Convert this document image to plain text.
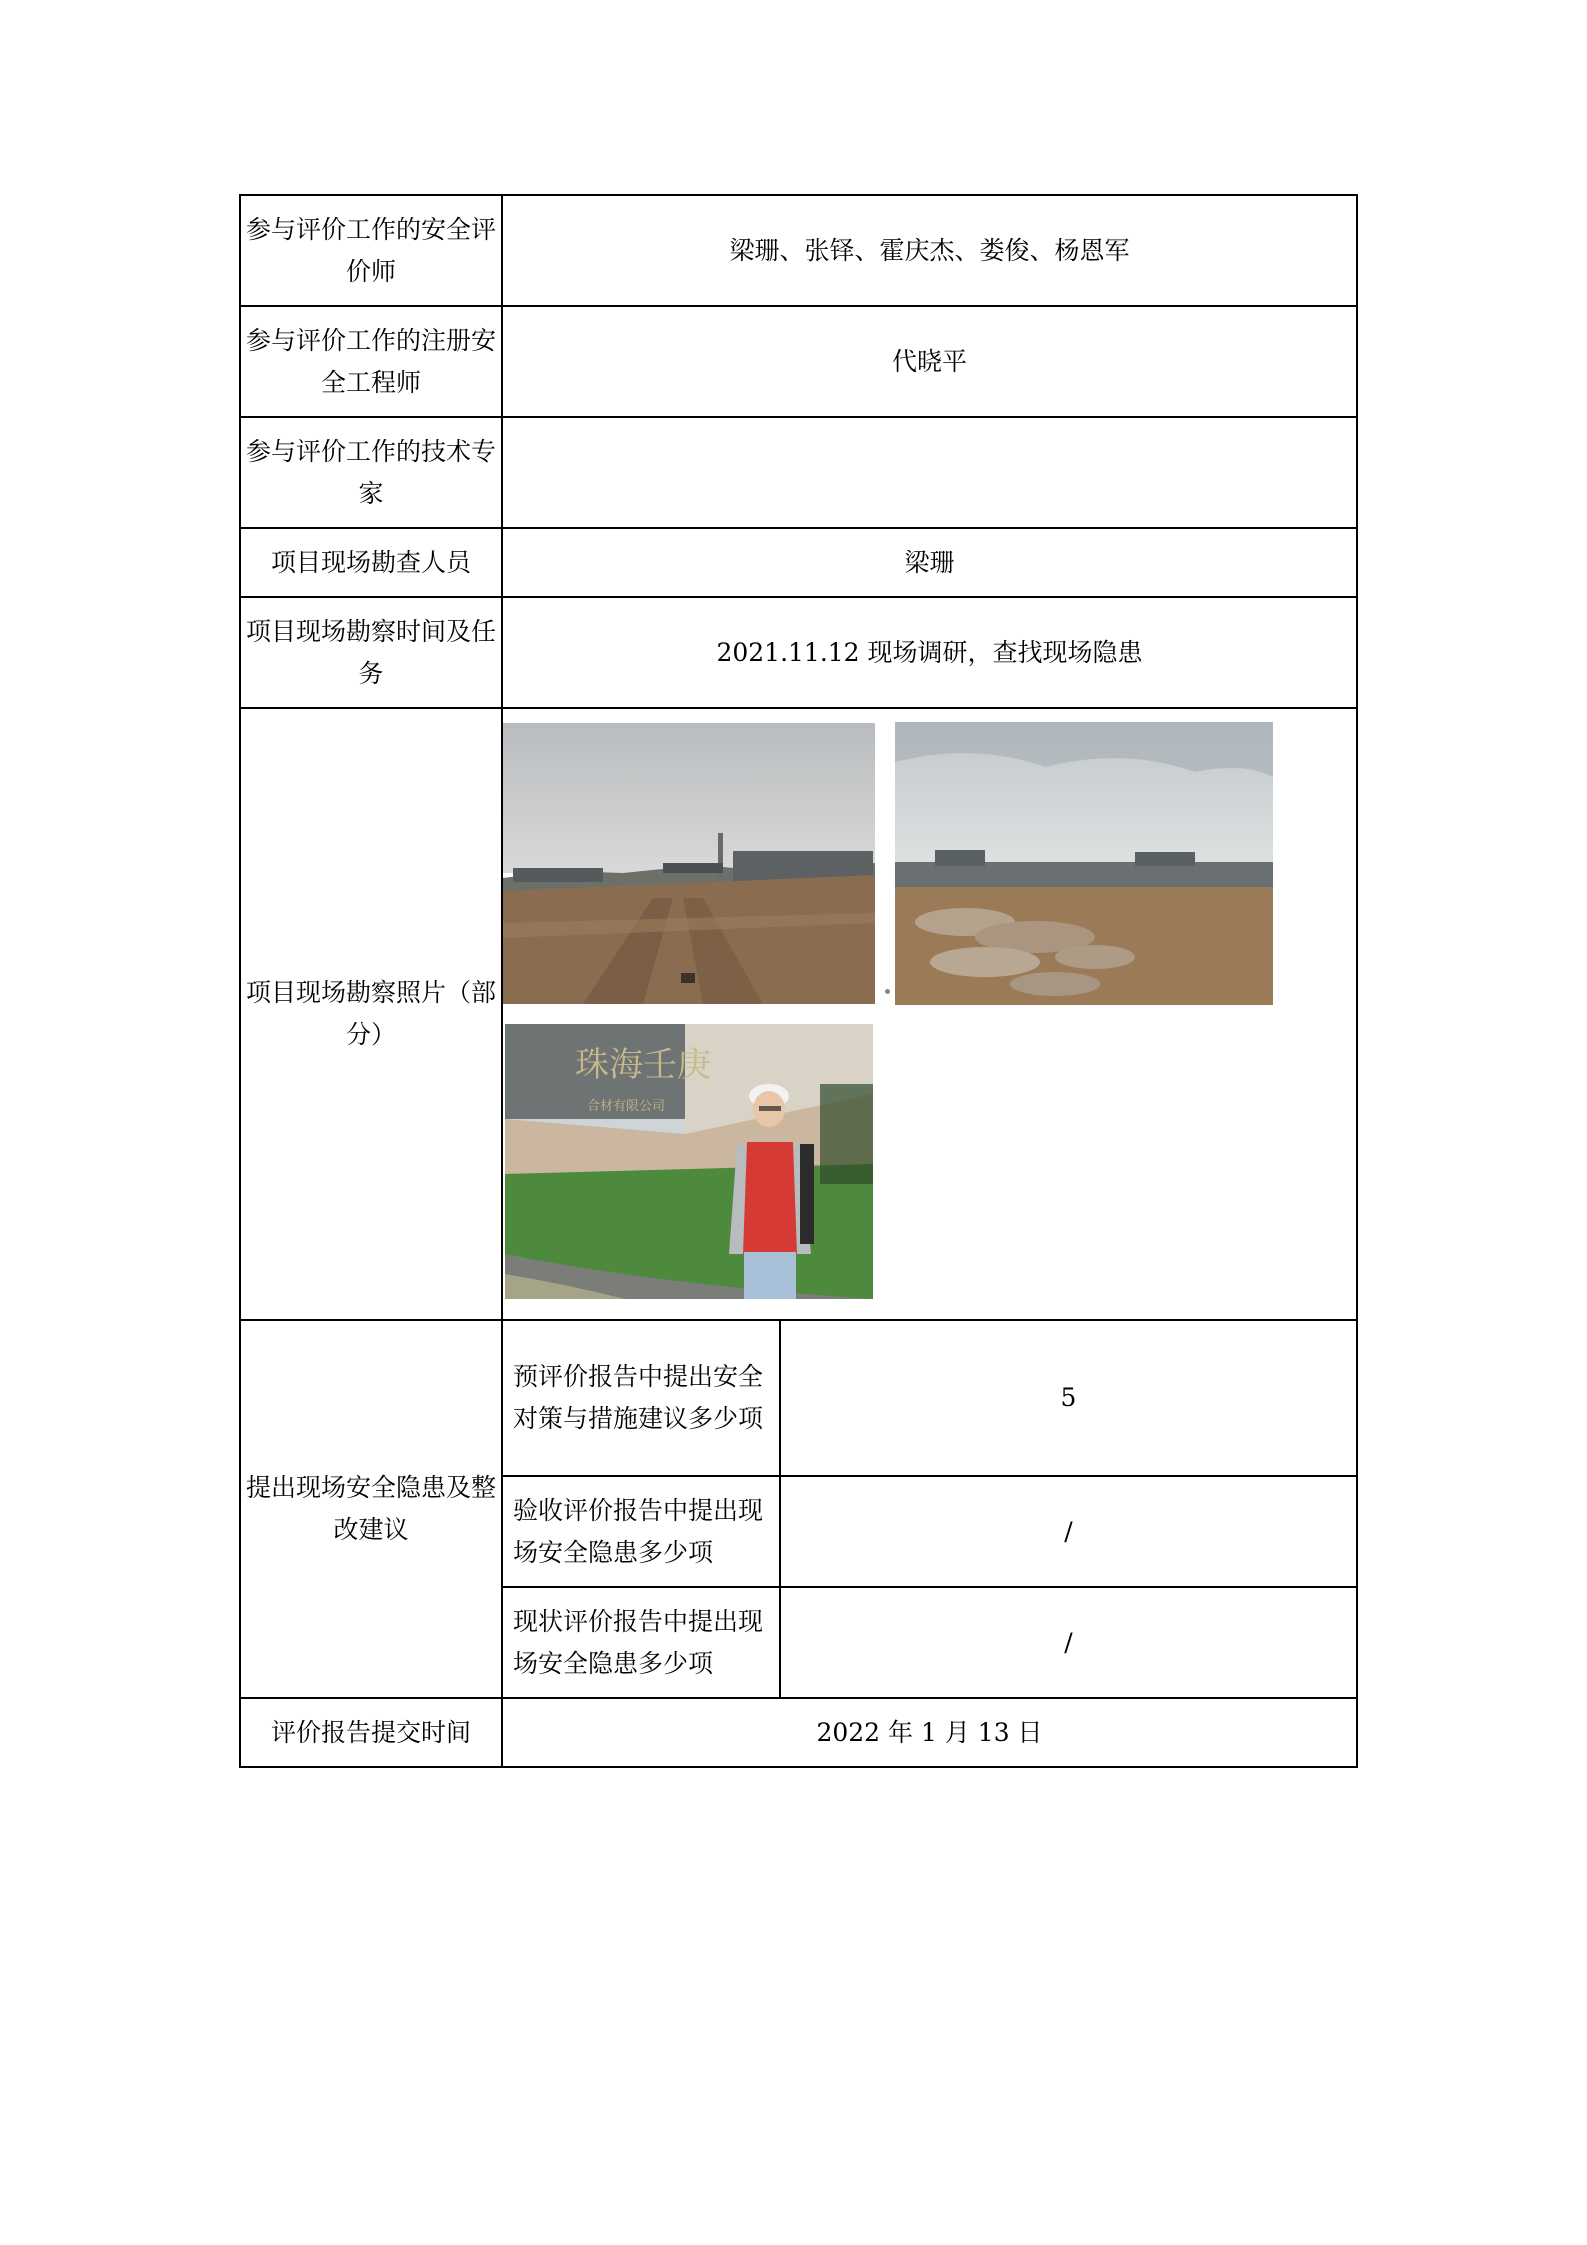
参与评价工作的安全评价师	梁珊、张铎、霍庆杰、娄俊、杨恩军	
参与评价工作的注册安全工程师	代晓平	
参与评价工作的技术专家		
项目现场勘查人员	梁珊	
项目现场勘察时间及任务	2021.11.12 现场调研，查找现场隐患	
项目现场勘察照片（部分）	珠海壬庚
合材有限公司	

提出现场安全隐患及整改建议	预评价报告中提出安全对策与措施建议多少项	5
	验收评价报告中提出现场安全隐患多少项	/
	现状评价报告中提出现场安全隐患多少项	/
评价报告提交时间	2022 年 1 月 13 日	
